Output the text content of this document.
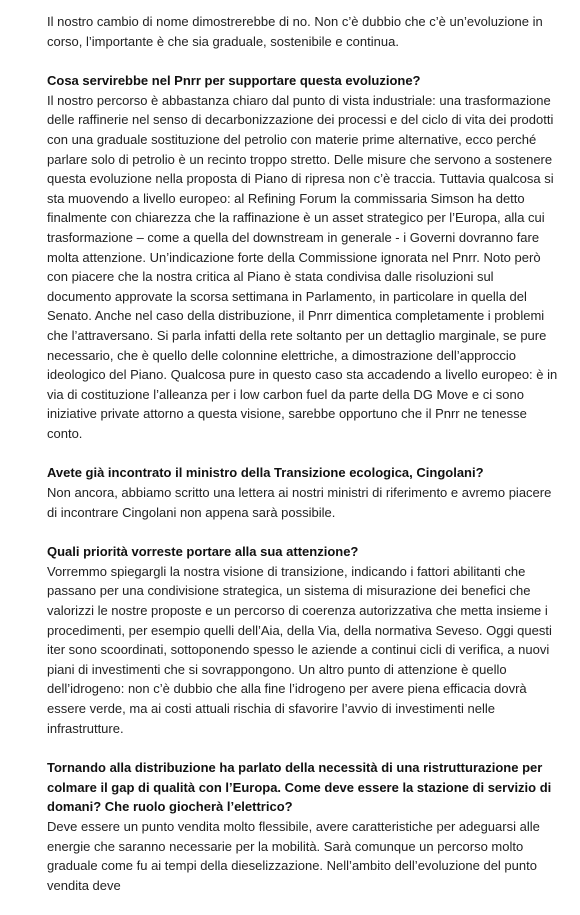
Il nostro cambio di nome dimostrerebbe di no. Non c’è dubbio che c’è un’evoluzione in corso, l’importante è che sia graduale, sostenibile e continua.

Cosa servirebbe nel Pnrr per supportare questa evoluzione?

Il nostro percorso è abbastanza chiaro dal punto di vista industriale: una trasformazione delle raffinerie nel senso di decarbonizzazione dei processi e del ciclo di vita dei prodotti con una graduale sostituzione del petrolio con materie prime alternative, ecco perché parlare solo di petrolio è un recinto troppo stretto. Delle misure che servono a sostenere questa evoluzione nella proposta di Piano di ripresa non c’è traccia. Tuttavia qualcosa si sta muovendo a livello europeo: al Refining Forum la commissaria Simson ha detto finalmente con chiarezza che la raffinazione è un asset strategico per l’Europa, alla cui trasformazione – come a quella del downstream in generale - i Governi dovranno fare molta attenzione. Un’indicazione forte della Commissione ignorata nel Pnrr. Noto però con piacere che la nostra critica al Piano è stata condivisa dalle risoluzioni sul documento approvate la scorsa settimana in Parlamento, in particolare in quella del Senato. Anche nel caso della distribuzione, il Pnrr dimentica completamente i problemi che l’attraversano. Si parla infatti della rete soltanto per un dettaglio marginale, se pure necessario, che è quello delle colonnine elettriche, a dimostrazione dell’approccio ideologico del Piano. Qualcosa pure in questo caso sta accadendo a livello europeo: è in via di costituzione l’alleanza per i low carbon fuel da parte della DG Move e ci sono iniziative private attorno a questa visione, sarebbe opportuno che il Pnrr ne tenesse conto.

Avete già incontrato il ministro della Transizione ecologica, Cingolani?

Non ancora, abbiamo scritto una lettera ai nostri ministri di riferimento e avremo piacere di incontrare Cingolani non appena sarà possibile.

Quali priorità vorreste portare alla sua attenzione?

Vorremmo spiegargli la nostra visione di transizione, indicando i fattori abilitanti che passano per una condivisione strategica, un sistema di misurazione dei benefici che valorizzi le nostre proposte e un percorso di coerenza autorizzativa che metta insieme i procedimenti, per esempio quelli dell’Aia, della Via, della normativa Seveso. Oggi questi iter sono scoordinati, sottoponendo spesso le aziende a continui cicli di verifica, a nuovi piani di investimenti che si sovrappongono. Un altro punto di attenzione è quello dell’idrogeno: non c’è dubbio che alla fine l’idrogeno per avere piena efficacia dovrà essere verde, ma ai costi attuali rischia di sfavorire l’avvio di investimenti nelle infrastrutture.

Tornando alla distribuzione ha parlato della necessità di una ristrutturazione per colmare il gap di qualità con l’Europa. Come deve essere la stazione di servizio di domani? Che ruolo giocherà l’elettrico?

Deve essere un punto vendita molto flessibile, avere caratteristiche per adeguarsi alle energie che saranno necessarie per la mobilità. Sarà comunque un percorso molto graduale come fu ai tempi della dieselizzazione. Nell’ambito dell’evoluzione del punto vendita deve
